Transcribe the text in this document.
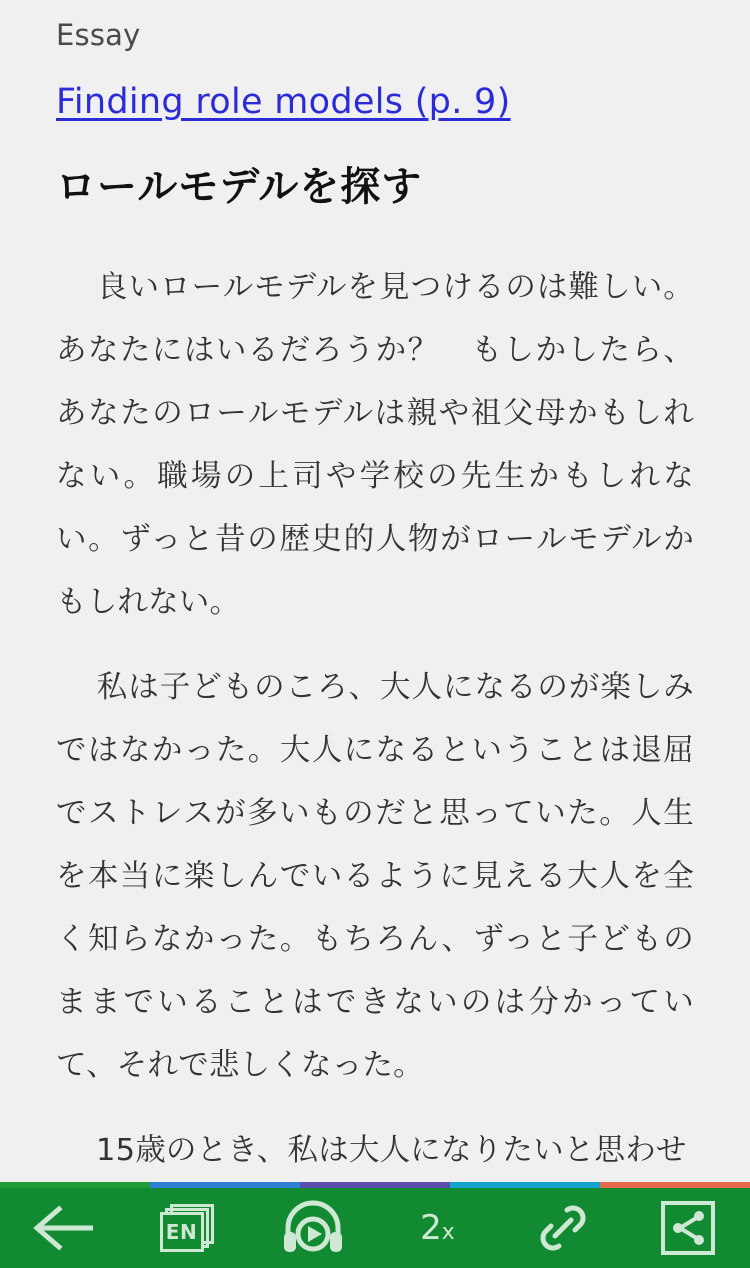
Essay
Finding role models (p. 9)
ロールモデルを探す

良いロールモデルを見つけるのは難しい。あなたにはいるだろうか？　もしかしたら、あなたのロールモデルは親や祖父母かもしれない。職場の上司や学校の先生かもしれない。ずっと昔の歴史的人物がロールモデルかもしれない。

私は子どものころ、大人になるのが楽しみではなかった。大人になるということは退屈でストレスが多いものだと思っていた。人生を本当に楽しんでいるように見える大人を全く知らなかった。もちろん、ずっと子どものままでいることはできないのは分かっていて、それで悲しくなった。

15歳のとき、私は大人になりたいと思わせ

EN	2x
